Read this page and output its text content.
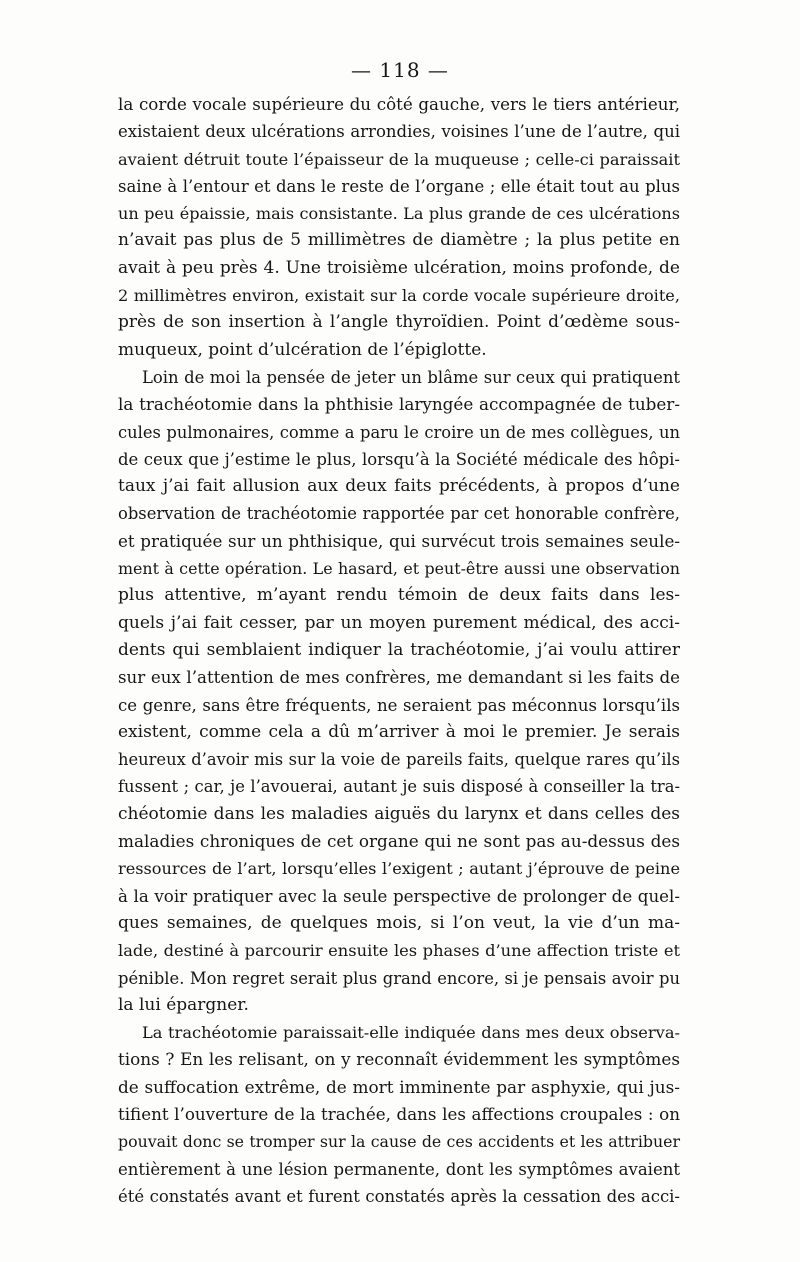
— 118 —
la corde vocale supérieure du côté gauche, vers le tiers antérieur,
existaient deux ulcérations arrondies, voisines l’une de l’autre, qui
avaient détruit toute l’épaisseur de la muqueuse ; celle-ci paraissait
saine à l’entour et dans le reste de l’organe ; elle était tout au plus
un peu épaissie, mais consistante. La plus grande de ces ulcérations
n’avait pas plus de 5 millimètres de diamètre ; la plus petite en
avait à peu près 4. Une troisième ulcération, moins profonde, de
2 millimètres environ, existait sur la corde vocale supérieure droite,
près de son insertion à l’angle thyroïdien. Point d’œdème sous-
muqueux, point d’ulcération de l’épiglotte.
Loin de moi la pensée de jeter un blâme sur ceux qui pratiquent
la trachéotomie dans la phthisie laryngée accompagnée de tuber-
cules pulmonaires, comme a paru le croire un de mes collègues, un
de ceux que j’estime le plus, lorsqu’à la Société médicale des hôpi-
taux j’ai fait allusion aux deux faits précédents, à propos d’une
observation de trachéotomie rapportée par cet honorable confrère,
et pratiquée sur un phthisique, qui survécut trois semaines seule-
ment à cette opération. Le hasard, et peut-être aussi une observation
plus attentive, m’ayant rendu témoin de deux faits dans les-
quels j’ai fait cesser, par un moyen purement médical, des acci-
dents qui semblaient indiquer la trachéotomie, j’ai voulu attirer
sur eux l’attention de mes confrères, me demandant si les faits de
ce genre, sans être fréquents, ne seraient pas méconnus lorsqu’ils
existent, comme cela a dû m’arriver à moi le premier. Je serais
heureux d’avoir mis sur la voie de pareils faits, quelque rares qu’ils
fussent ; car, je l’avouerai, autant je suis disposé à conseiller la tra-
chéotomie dans les maladies aiguës du larynx et dans celles des
maladies chroniques de cet organe qui ne sont pas au-dessus des
ressources de l’art, lorsqu’elles l’exigent ; autant j’éprouve de peine
à la voir pratiquer avec la seule perspective de prolonger de quel-
ques semaines, de quelques mois, si l’on veut, la vie d’un ma-
lade, destiné à parcourir ensuite les phases d’une affection triste et
pénible. Mon regret serait plus grand encore, si je pensais avoir pu
la lui épargner.
La trachéotomie paraissait-elle indiquée dans mes deux observa-
tions ? En les relisant, on y reconnaît évidemment les symptômes
de suffocation extrême, de mort imminente par asphyxie, qui jus-
tifient l’ouverture de la trachée, dans les affections croupales : on
pouvait donc se tromper sur la cause de ces accidents et les attribuer
entièrement à une lésion permanente, dont les symptômes avaient
été constatés avant et furent constatés après la cessation des acci-
